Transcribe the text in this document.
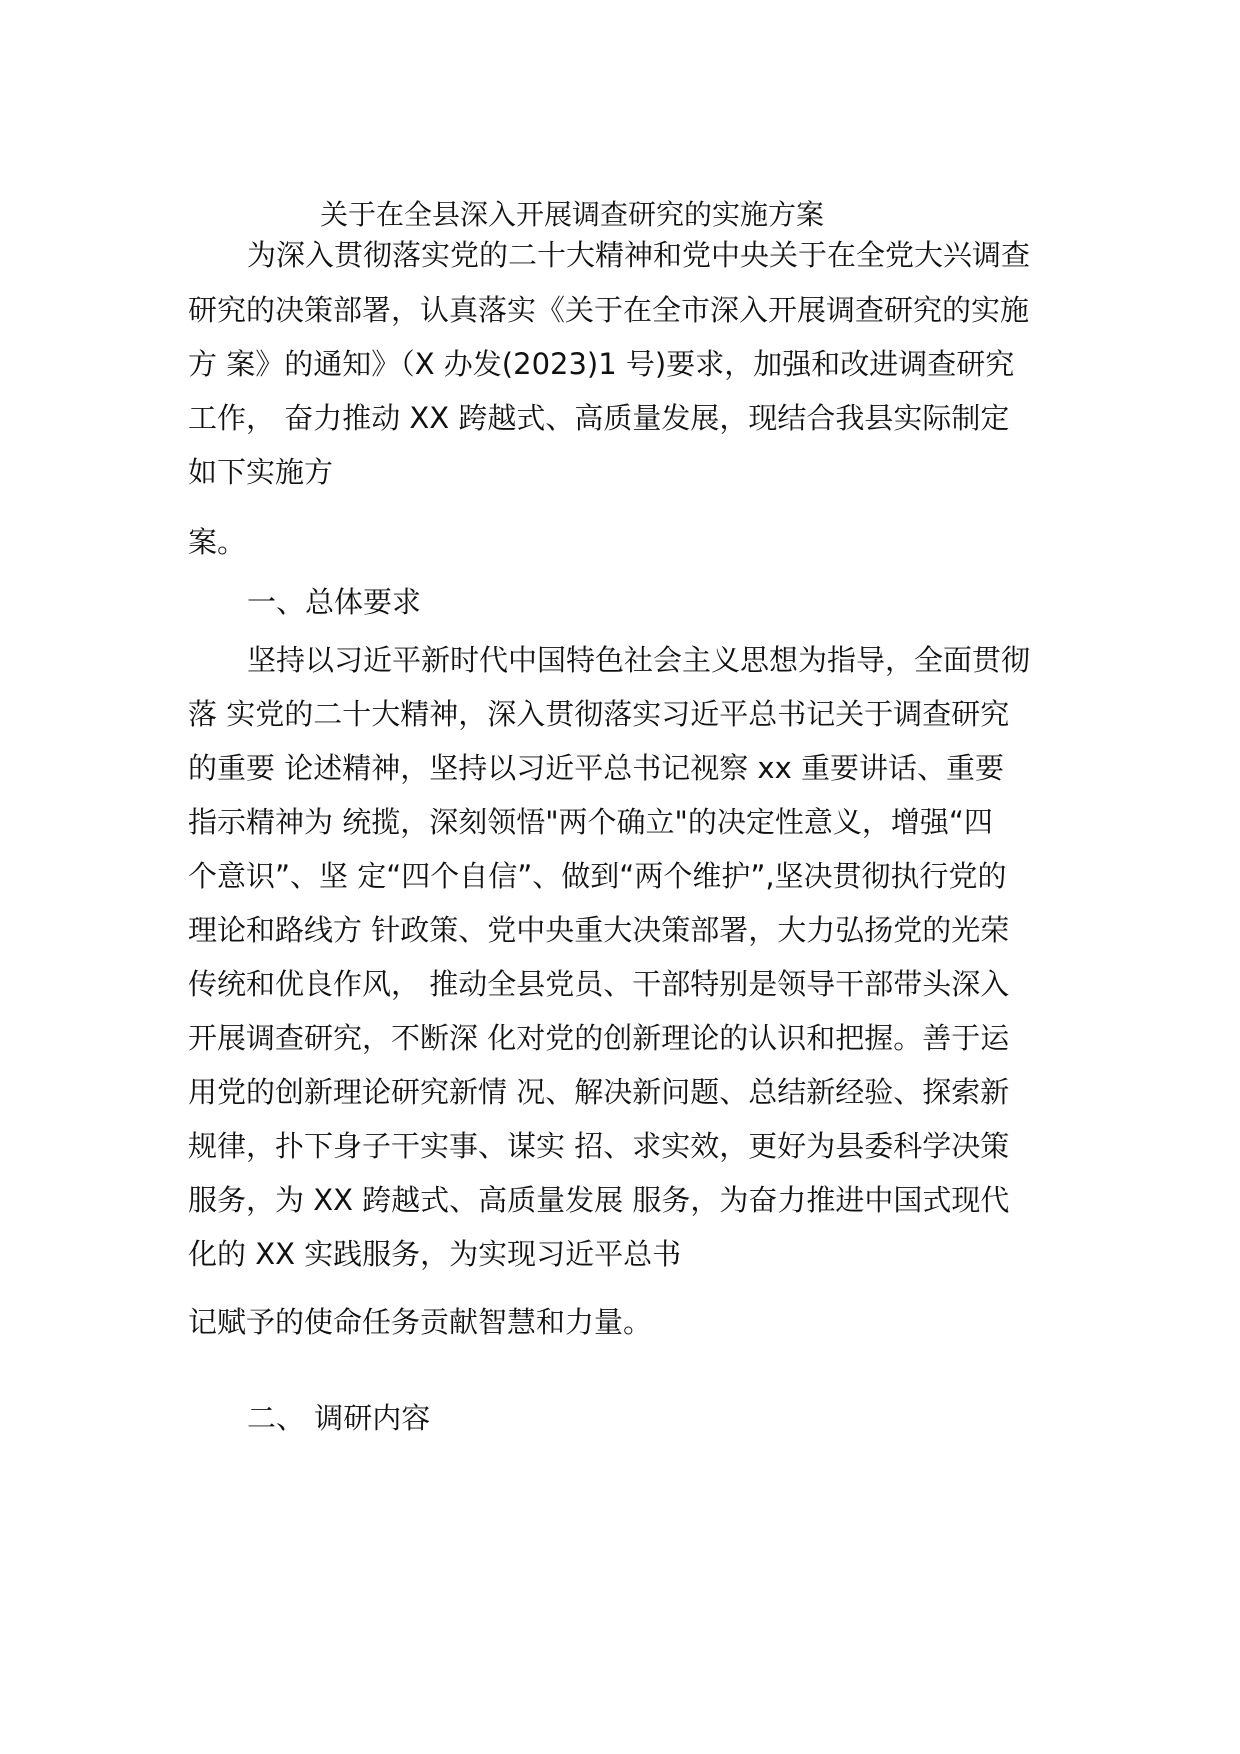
关于在全县深入开展调查研究的实施方案
为深入贯彻落实党的二十大精神和党中央关于在全党大兴调查
研究的决策部署，认真落实《关于在全市深入开展调查研究的实施
方 案》的通知》（X 办发(2023)1 号)要求，加强和改进调查研究
工作， 奋力推动 XX 跨越式、高质量发展，现结合我县实际制定
如下实施方
案。
一、总体要求
坚持以习近平新时代中国特色社会主义思想为指导，全面贯彻
落 实党的二十大精神，深入贯彻落实习近平总书记关于调查研究
的重要 论述精神，坚持以习近平总书记视察 xx 重要讲话、重要
指示精神为 统揽，深刻领悟"两个确立"的决定性意义，增强“四
个意识”、坚 定“四个自信”、做到“两个维护”,坚决贯彻执行党的
理论和路线方 针政策、党中央重大决策部署，大力弘扬党的光荣
传统和优良作风， 推动全县党员、干部特别是领导干部带头深入
开展调查研究，不断深 化对党的创新理论的认识和把握。善于运
用党的创新理论研究新情 况、解决新问题、总结新经验、探索新
规律，扑下身子干实事、谋实 招、求实效，更好为县委科学决策
服务，为 XX 跨越式、高质量发展 服务，为奋力推进中国式现代
化的 XX 实践服务，为实现习近平总书
记赋予的使命任务贡献智慧和力量。
二、 调研内容
